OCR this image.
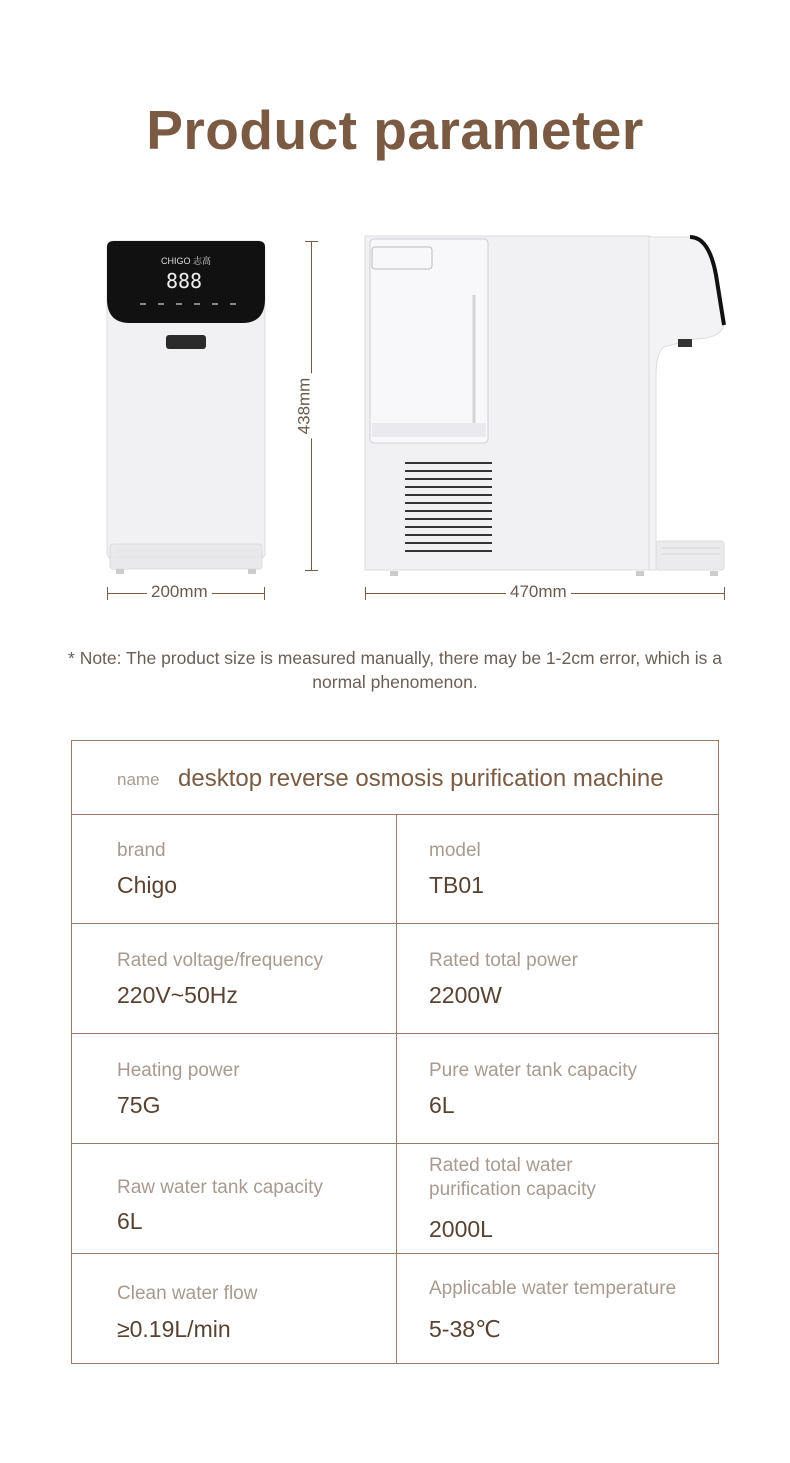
Product parameter
CHIGO 志高
888
438mm
200mm	470mm

* Note: The product size is measured manually, there may be 1-2cm error, which is a normal phenomenon.

name desktop reverse osmosis purification machine
brand
Chigo
model
TB01
Rated voltage/frequency
220V~50Hz
Rated total power
2200W
Heating power
75G
Pure water tank capacity
6L
Raw water tank capacity
6L
Rated total water purification capacity
2000L
Clean water flow
≥0.19L/min
Applicable water temperature
5-38℃
